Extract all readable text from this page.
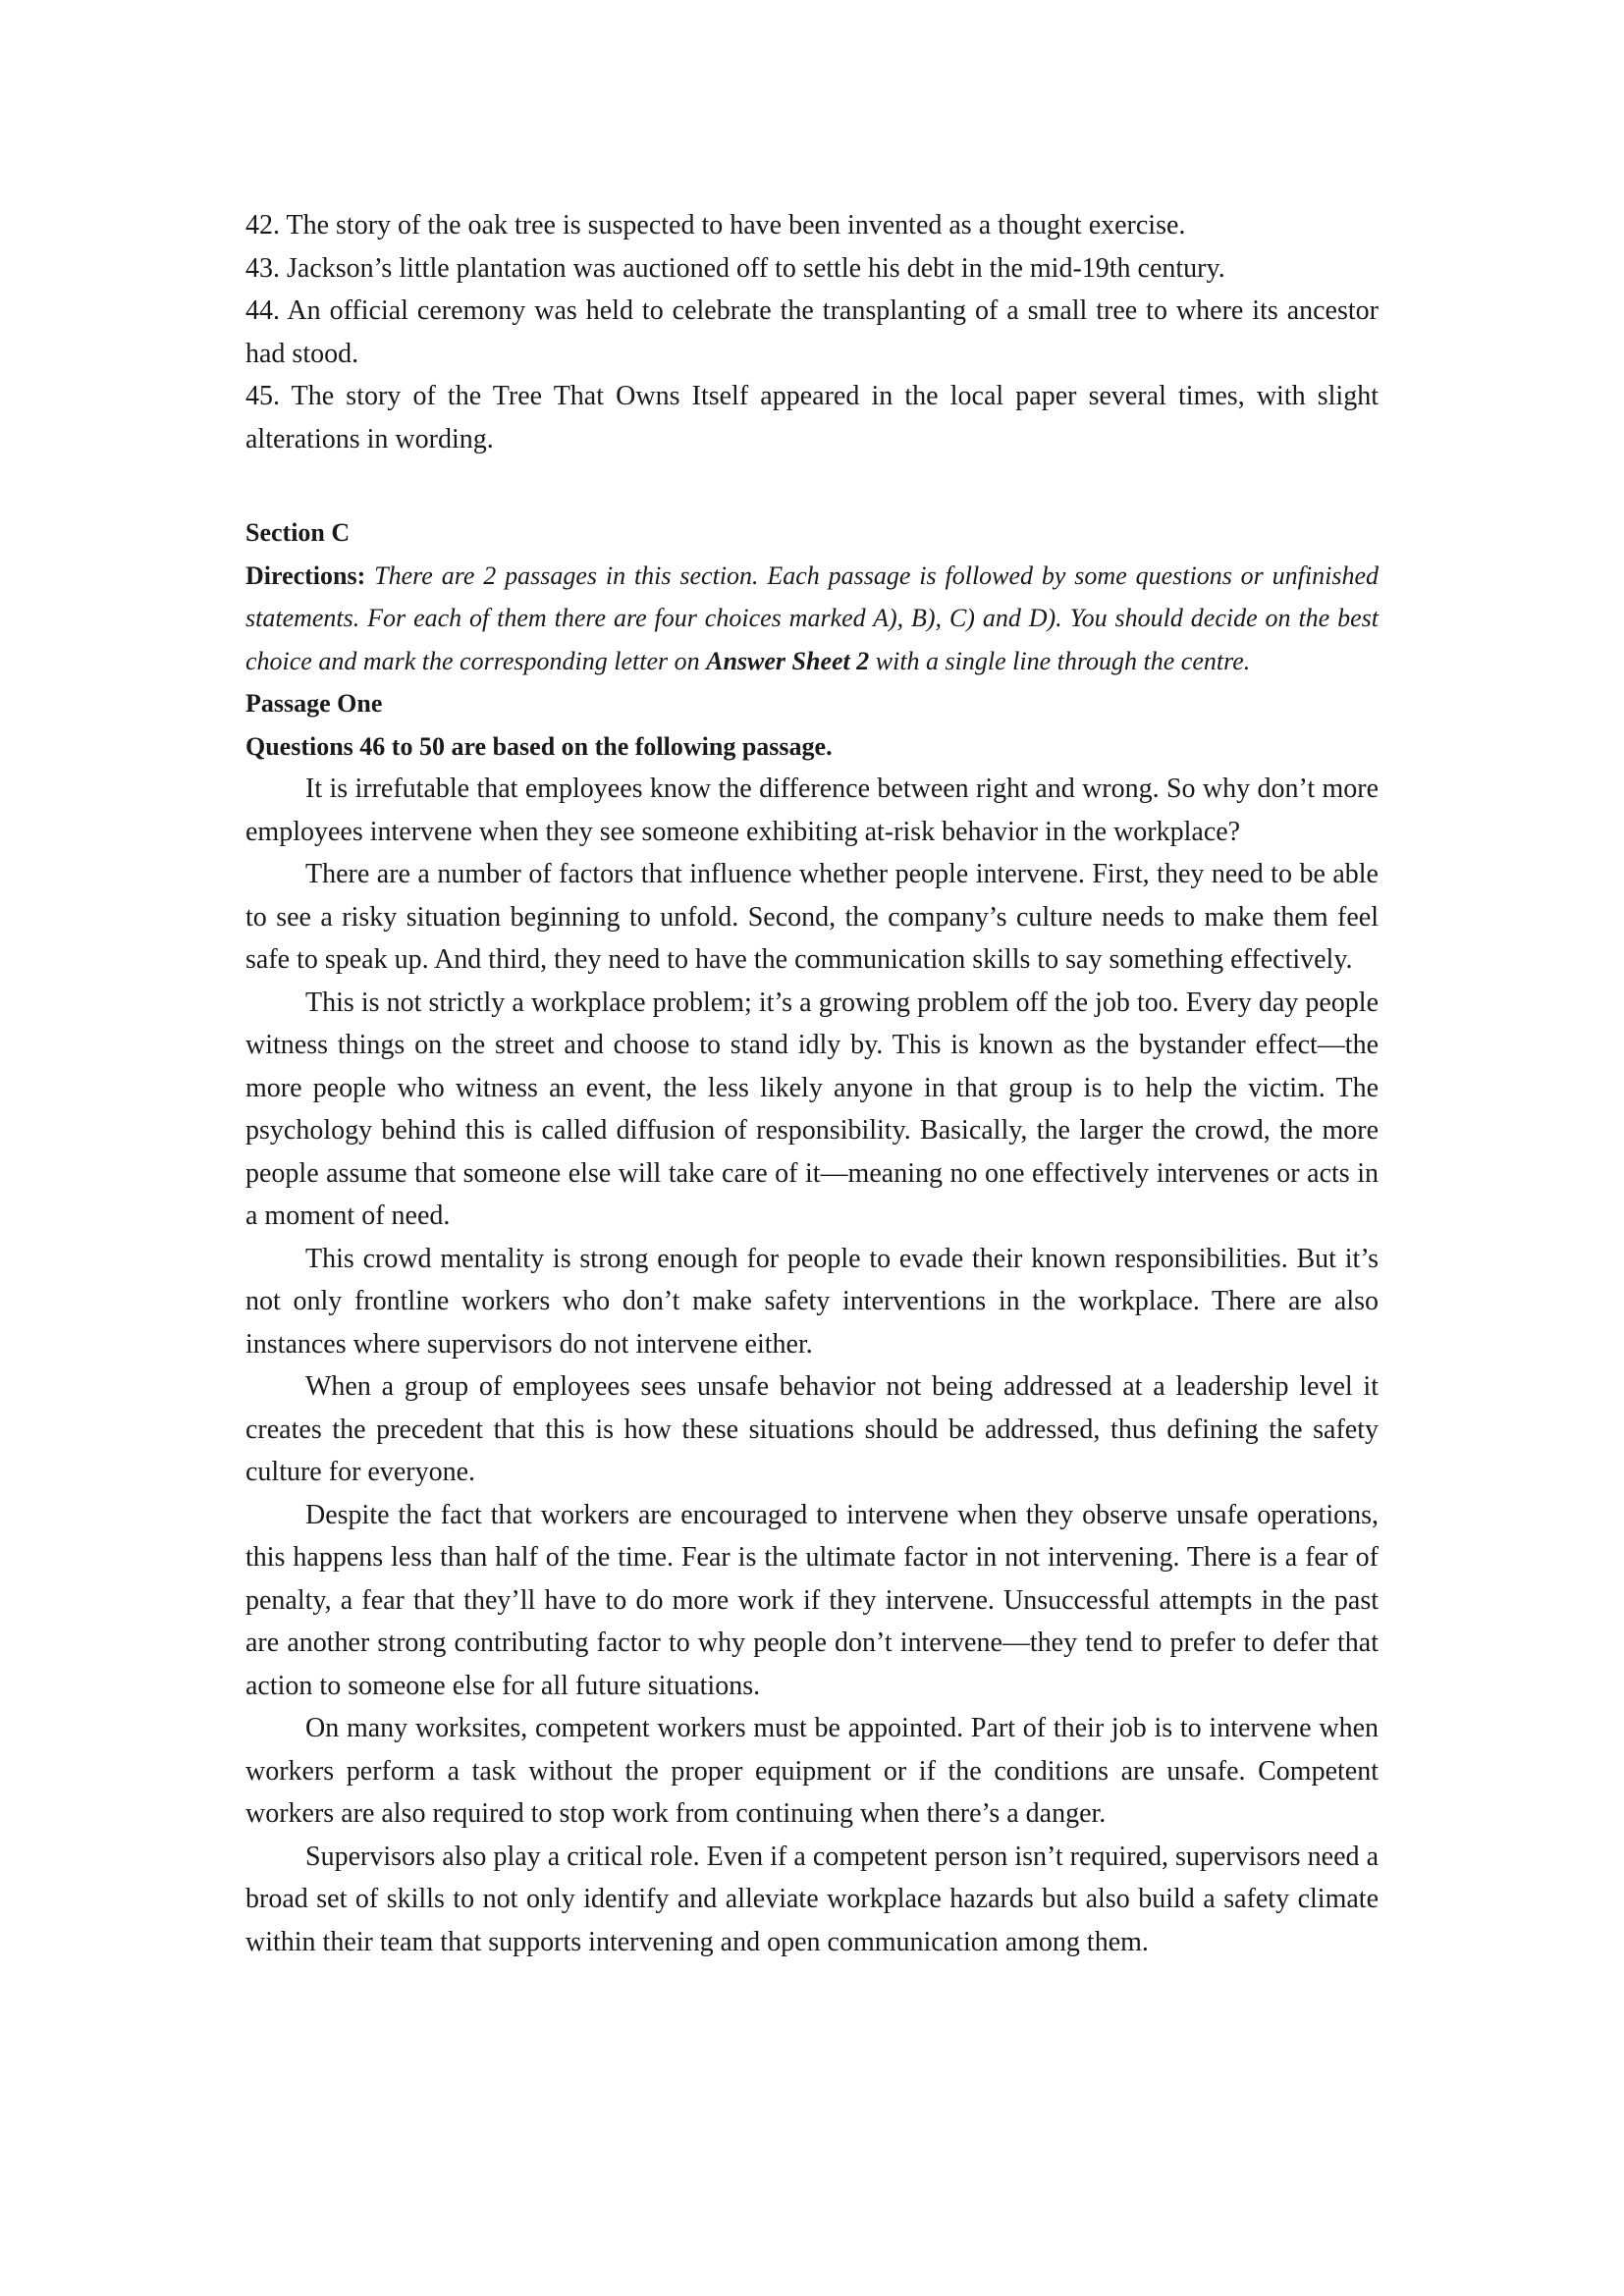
42. The story of the oak tree is suspected to have been invented as a thought exercise.

43. Jackson’s little plantation was auctioned off to settle his debt in the mid-19th century.

44. An official ceremony was held to celebrate the transplanting of a small tree to where its ancestor had stood.

45. The story of the Tree That Owns Itself appeared in the local paper several times, with slight alterations in wording.

Section C

Directions: There are 2 passages in this section. Each passage is followed by some questions or unfinished statements. For each of them there are four choices marked A), B), C) and D). You should decide on the best choice and mark the corresponding letter on Answer Sheet 2 with a single line through the centre.

Passage One

Questions 46 to 50 are based on the following passage.

It is irrefutable that employees know the difference between right and wrong. So why don’t more employees intervene when they see someone exhibiting at-risk behavior in the workplace?

There are a number of factors that influence whether people intervene. First, they need to be able to see a risky situation beginning to unfold. Second, the company’s culture needs to make them feel safe to speak up. And third, they need to have the communication skills to say something effectively.

This is not strictly a workplace problem; it’s a growing problem off the job too. Every day people witness things on the street and choose to stand idly by. This is known as the bystander effect—the more people who witness an event, the less likely anyone in that group is to help the victim. The psychology behind this is called diffusion of responsibility. Basically, the larger the crowd, the more people assume that someone else will take care of it—meaning no one effectively intervenes or acts in a moment of need.

This crowd mentality is strong enough for people to evade their known responsibilities. But it’s not only frontline workers who don’t make safety interventions in the workplace. There are also instances where supervisors do not intervene either.

When a group of employees sees unsafe behavior not being addressed at a leadership level it creates the precedent that this is how these situations should be addressed, thus defining the safety culture for everyone.

Despite the fact that workers are encouraged to intervene when they observe unsafe operations, this happens less than half of the time. Fear is the ultimate factor in not intervening. There is a fear of penalty, a fear that they’ll have to do more work if they intervene. Unsuccessful attempts in the past are another strong contributing factor to why people don’t intervene—they tend to prefer to defer that action to someone else for all future situations.

On many worksites, competent workers must be appointed. Part of their job is to intervene when workers perform a task without the proper equipment or if the conditions are unsafe. Competent workers are also required to stop work from continuing when there’s a danger.

Supervisors also play a critical role. Even if a competent person isn’t required, supervisors need a broad set of skills to not only identify and alleviate workplace hazards but also build a safety climate within their team that supports intervening and open communication among them.
